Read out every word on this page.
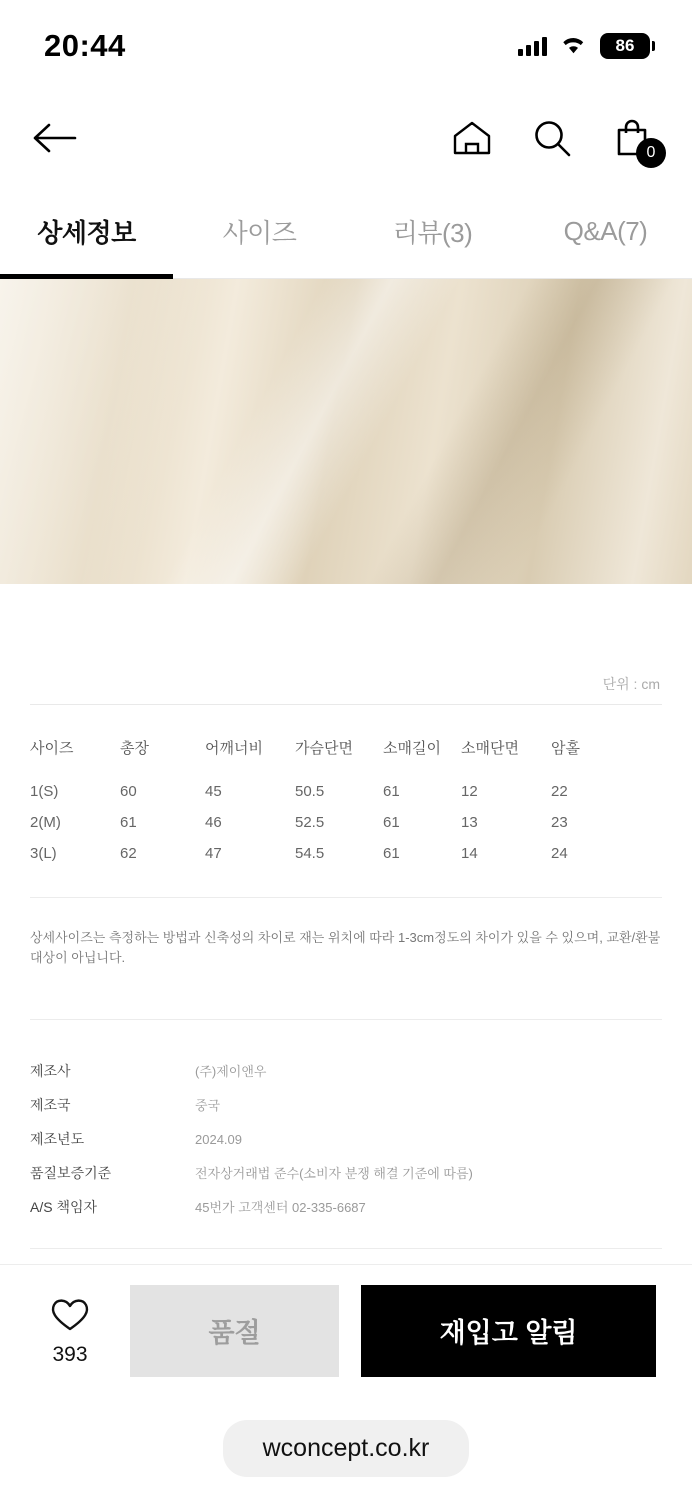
20:44	86
0
상세정보	사이즈	리뷰(3)	Q&A(7)
단위 : cm
사이즈	총장	어깨너비	가슴단면	소매길이	소매단면	암홀
1(S)	60	45	50.5	61	12	22
2(M)	61	46	52.5	61	13	23
3(L)	62	47	54.5	61	14	24
상세사이즈는 측정하는 방법과 신축성의 차이로 재는 위치에 따라 1-3cm정도의 차이가 있을 수 있으며, 교환/환불 대상이 아닙니다.
제조사	(주)제이앤우
제조국	중국
제조년도	2024.09
품질보증기준	전자상거래법 준수(소비자 분쟁 해결 기준에 따름)
A/S 책임자	45번가 고객센터 02-335-6687
393
품절	재입고 알림
wconcept.co.kr
